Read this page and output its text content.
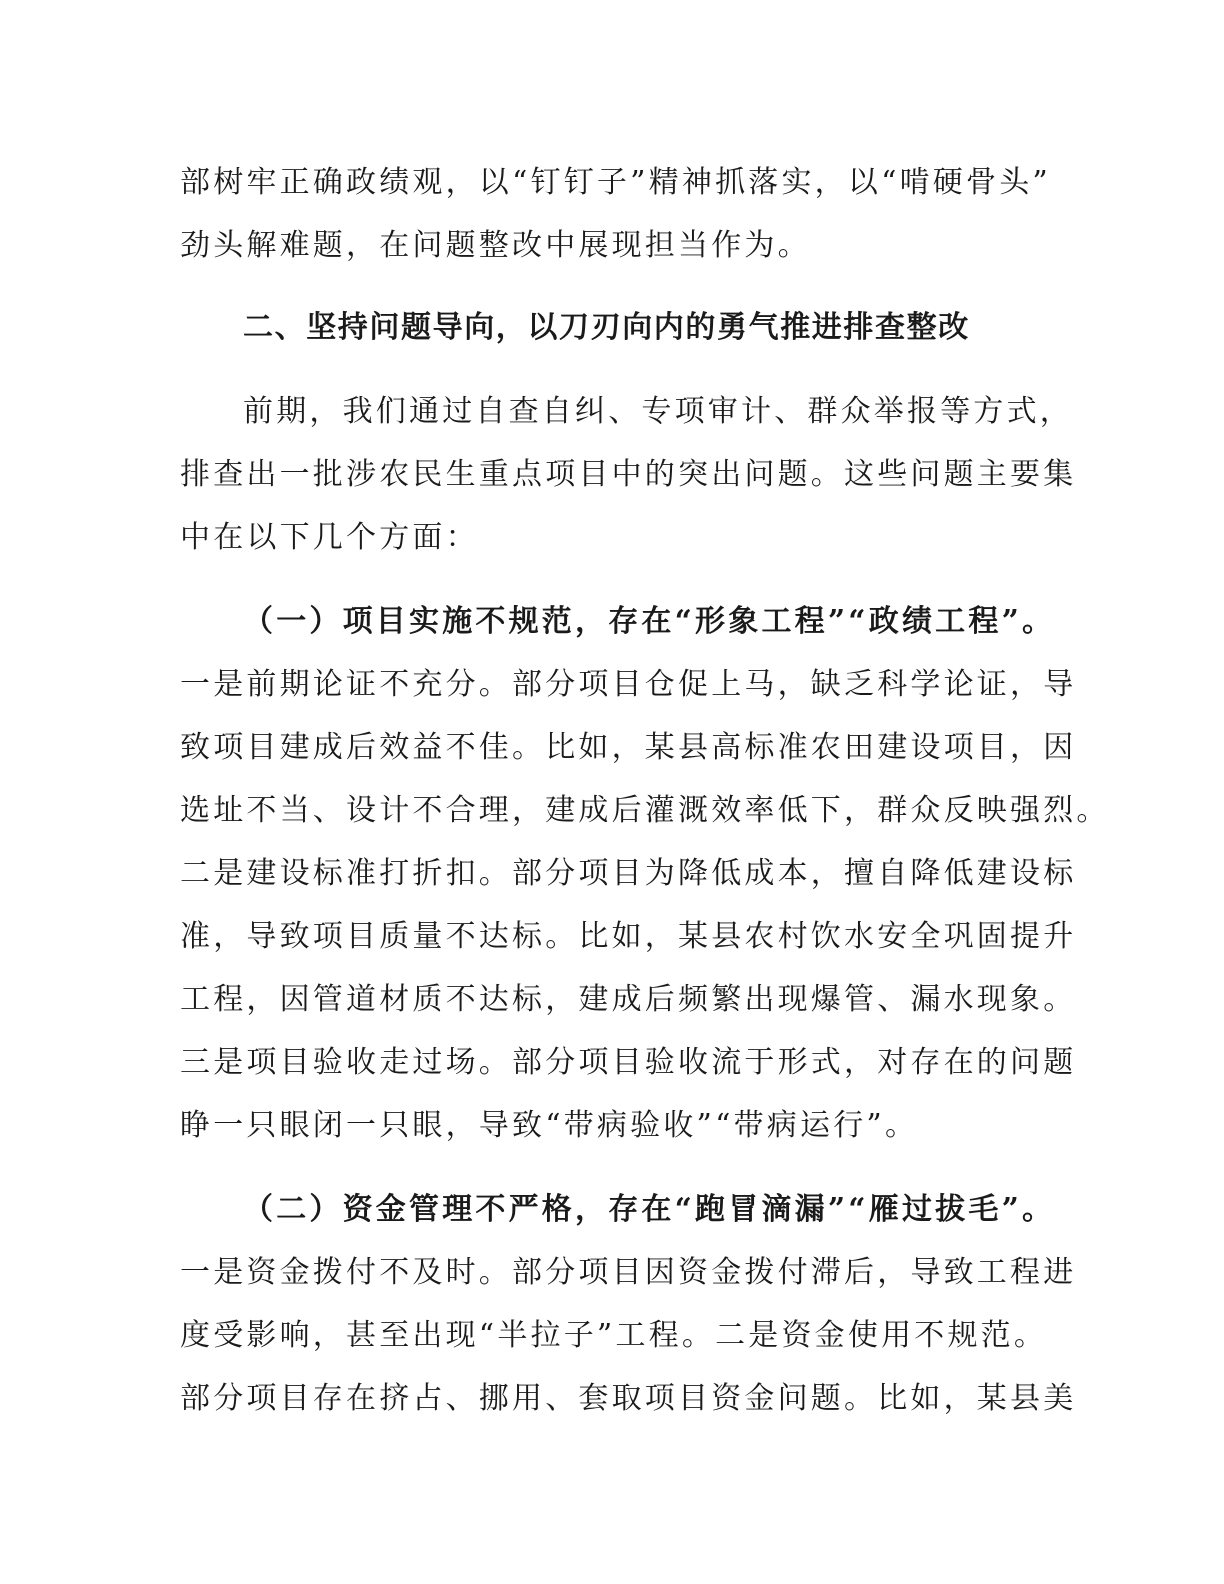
部树牢正确政绩观，以“钉钉子”精神抓落实，以“啃硬骨头”
劲头解难题，在问题整改中展现担当作为。
二、坚持问题导向，以刀刃向内的勇气推进排查整改
前期，我们通过自查自纠、专项审计、群众举报等方式，
排查出一批涉农民生重点项目中的突出问题。这些问题主要集
中在以下几个方面：
（一）项目实施不规范，存在“形象工程”“政绩工程”。
一是前期论证不充分。部分项目仓促上马，缺乏科学论证，导
致项目建成后效益不佳。比如，某县高标准农田建设项目，因
选址不当、设计不合理，建成后灌溉效率低下，群众反映强烈。
二是建设标准打折扣。部分项目为降低成本，擅自降低建设标
准，导致项目质量不达标。比如，某县农村饮水安全巩固提升
工程，因管道材质不达标，建成后频繁出现爆管、漏水现象。
三是项目验收走过场。部分项目验收流于形式，对存在的问题
睁一只眼闭一只眼，导致“带病验收”“带病运行”。
（二）资金管理不严格，存在“跑冒滴漏”“雁过拔毛”。
一是资金拨付不及时。部分项目因资金拨付滞后，导致工程进
度受影响，甚至出现“半拉子”工程。二是资金使用不规范。
部分项目存在挤占、挪用、套取项目资金问题。比如，某县美
